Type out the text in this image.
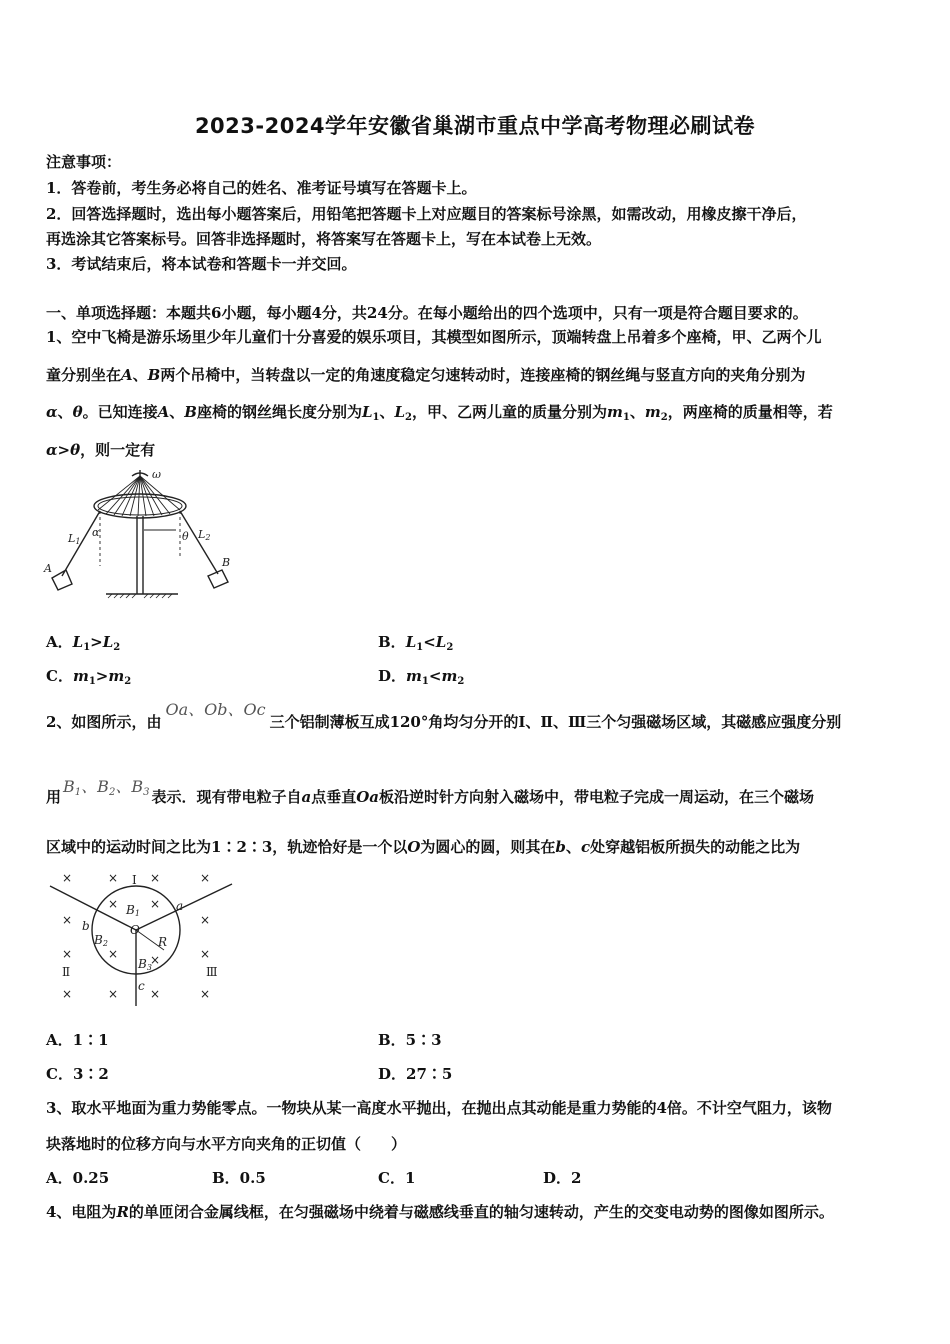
2023-2024学年安徽省巢湖市重点中学高考物理必刷试卷
注意事项：
1．答卷前，考生务必将自己的姓名、准考证号填写在答题卡上。
2．回答选择题时，选出每小题答案后，用铅笔把答题卡上对应题目的答案标号涂黑，如需改动，用橡皮擦干净后，
再选涂其它答案标号。回答非选择题时，将答案写在答题卡上，写在本试卷上无效。
3．考试结束后，将本试卷和答题卡一并交回。
一、单项选择题：本题共6小题，每小题4分，共24分。在每小题给出的四个选项中，只有一项是符合题目要求的。
1、空中飞椅是游乐场里少年儿童们十分喜爱的娱乐项目，其模型如图所示，顶端转盘上吊着多个座椅，甲、乙两个儿
童分别坐在A、B两个吊椅中，当转盘以一定的角速度稳定匀速转动时，连接座椅的钢丝绳与竖直方向的夹角分别为
α、θ。已知连接A、B座椅的钢丝绳长度分别为$L_1$、$L_2$，甲、乙两儿童的质量分别为$m_1$、$m_2$，两座椅的质量相等，若
α>θ，则一定有
ω
L1
L2
α	θ
A	B
A．$L_1>L_2$	B．$L_1<L_2$
C．$m_1>m_2$	D．$m_1<m_2$
2、如图所示，由Oa、Ob、Oc三个铝制薄板互成120°角均匀分开的Ⅰ、Ⅱ、Ⅲ三个匀强磁场区域，其磁感应强度分别
用$B_1$、$B_2$、$B_3$ 表示．现有带电粒子自a点垂直Oa板沿逆时针方向射入磁场中，带电粒子完成一周运动，在三个磁场
区域中的运动时间之比为1∶2∶3，轨迹恰好是一个以O为圆心的圆，则其在b、c处穿越铝板所损失的动能之比为
×	×	×	×
×	×
×	×
×
×	×
×
×	×	×	×
Ⅰ
Ⅱ	Ⅲ
B1
B2
B3
O
R
a
b
c
A．1∶1	B．5∶3
C．3∶2	D．27∶5
3、取水平地面为重力势能零点。一物块从某一高度水平抛出，在抛出点其动能是重力势能的4倍。不计空气阻力，该物
块落地时的位移方向与水平方向夹角的正切值（　　）
A．0.25	B．0.5	C．1	D．2
4、电阻为R的单匝闭合金属线框，在匀强磁场中绕着与磁感线垂直的轴匀速转动，产生的交变电动势的图像如图所示。
